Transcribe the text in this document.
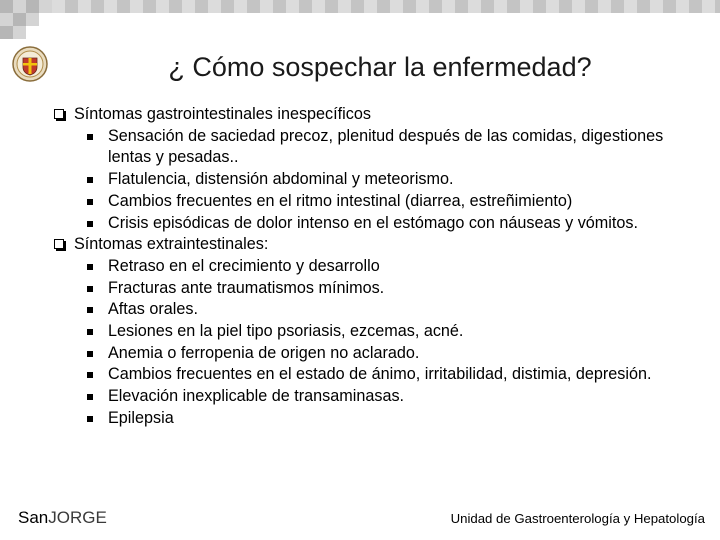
¿ Cómo sospechar la enfermedad?
Síntomas gastrointestinales inespecíficos
Sensación de saciedad precoz, plenitud después de las comidas, digestiones lentas y pesadas..
Flatulencia, distensión abdominal y meteorismo.
Cambios frecuentes en el ritmo intestinal (diarrea, estreñimiento)
Crisis episódicas de dolor intenso en el estómago con náuseas y vómitos.
Síntomas extraintestinales:
Retraso en el crecimiento y desarrollo
Fracturas ante traumatismos mínimos.
Aftas orales.
Lesiones en la piel tipo psoriasis, ezcemas, acné.
Anemia o ferropenia de origen no aclarado.
Cambios frecuentes en el estado de ánimo, irritabilidad, distimia, depresión.
Elevación inexplicable de transaminasas.
Epilepsia
SanJORGE	Unidad de Gastroenterología y Hepatología
